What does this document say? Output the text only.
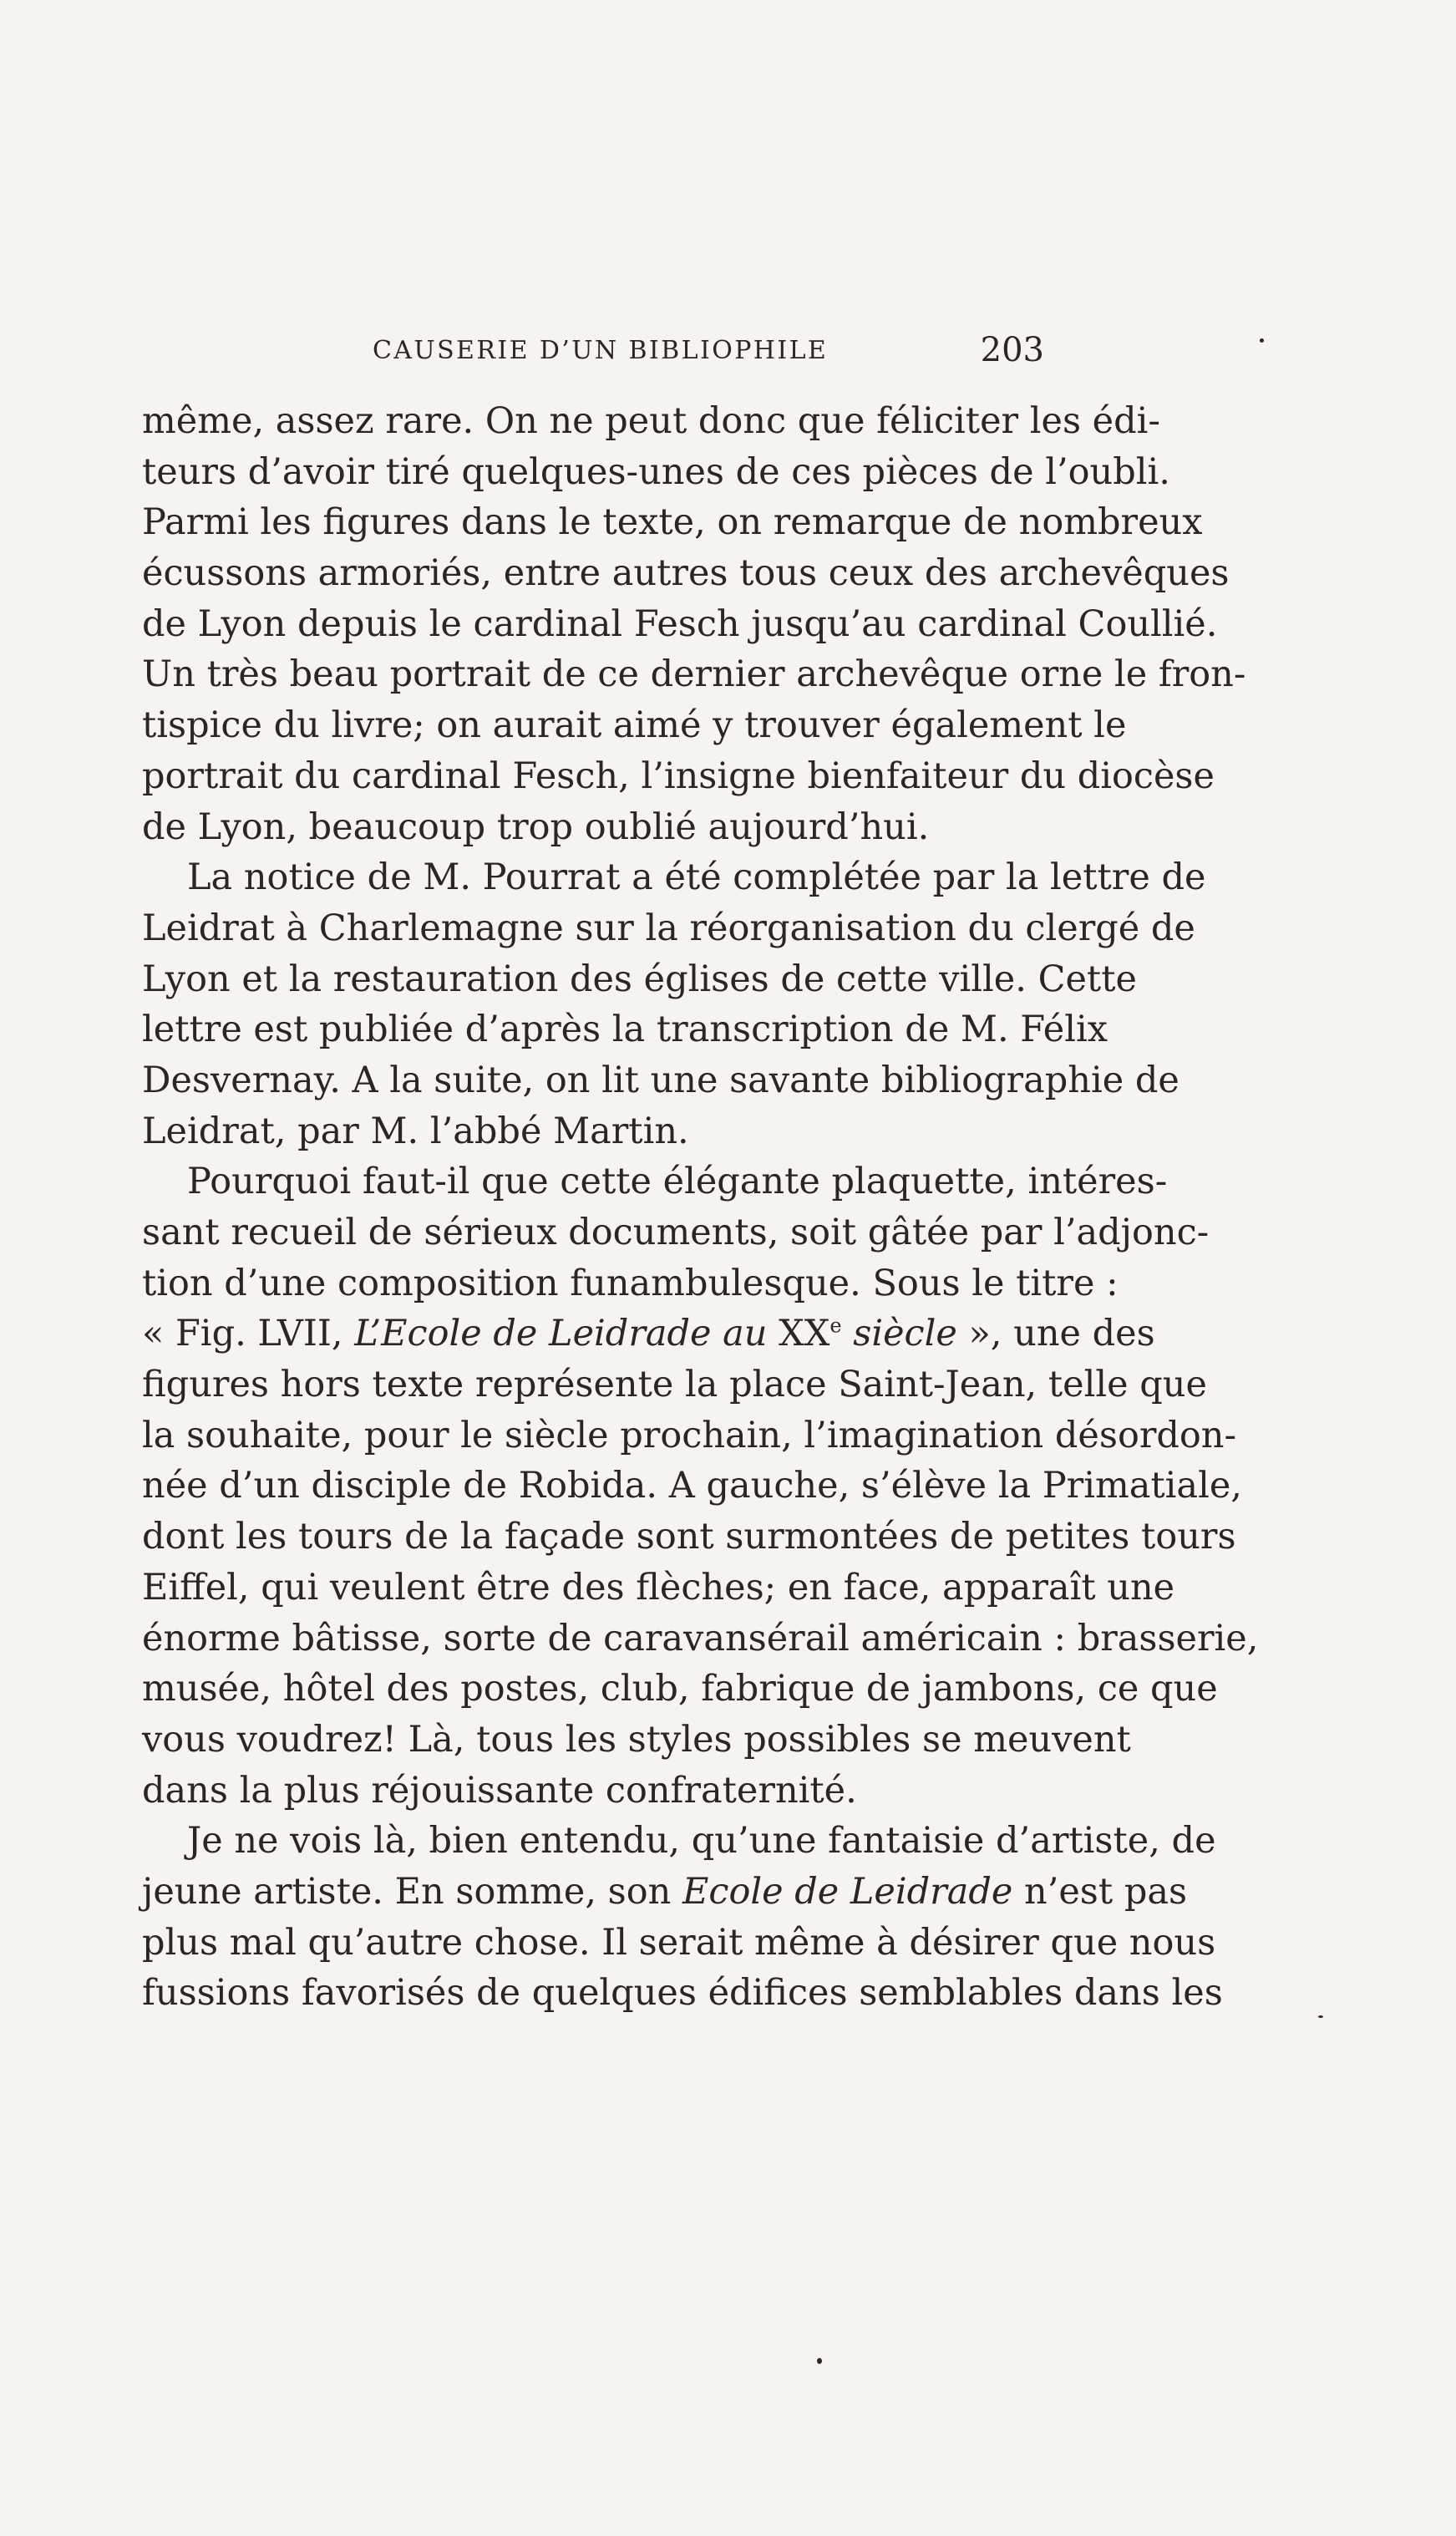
CAUSERIE D’UN BIBLIOPHILE	203
même, assez rare. On ne peut donc que féliciter les édi-
teurs d’avoir tiré quelques-unes de ces pièces de l’oubli.
Parmi les figures dans le texte, on remarque de nombreux
écussons armoriés, entre autres tous ceux des archevêques
de Lyon depuis le cardinal Fesch jusqu’au cardinal Coullié.
Un très beau portrait de ce dernier archevêque orne le fron-
tispice du livre; on aurait aimé y trouver également le
portrait du cardinal Fesch, l’insigne bienfaiteur du diocèse
de Lyon, beaucoup trop oublié aujourd’hui.
La notice de M. Pourrat a été complétée par la lettre de
Leidrat à Charlemagne sur la réorganisation du clergé de
Lyon et la restauration des églises de cette ville. Cette
lettre est publiée d’après la transcription de M. Félix
Desvernay. A la suite, on lit une savante bibliographie de
Leidrat, par M. l’abbé Martin.
Pourquoi faut-il que cette élégante plaquette, intéres-
sant recueil de sérieux documents, soit gâtée par l’adjonc-
tion d’une composition funambulesque. Sous le titre :
« Fig. LVII, L’Ecole de Leidrade au XXe siècle », une des
figures hors texte représente la place Saint-Jean, telle que
la souhaite, pour le siècle prochain, l’imagination désordon-
née d’un disciple de Robida. A gauche, s’élève la Primatiale,
dont les tours de la façade sont surmontées de petites tours
Eiffel, qui veulent être des flèches; en face, apparaît une
énorme bâtisse, sorte de caravansérail américain : brasserie,
musée, hôtel des postes, club, fabrique de jambons, ce que
vous voudrez! Là, tous les styles possibles se meuvent
dans la plus réjouissante confraternité.
Je ne vois là, bien entendu, qu’une fantaisie d’artiste, de
jeune artiste. En somme, son Ecole de Leidrade n’est pas
plus mal qu’autre chose. Il serait même à désirer que nous
fussions favorisés de quelques édifices semblables dans les
